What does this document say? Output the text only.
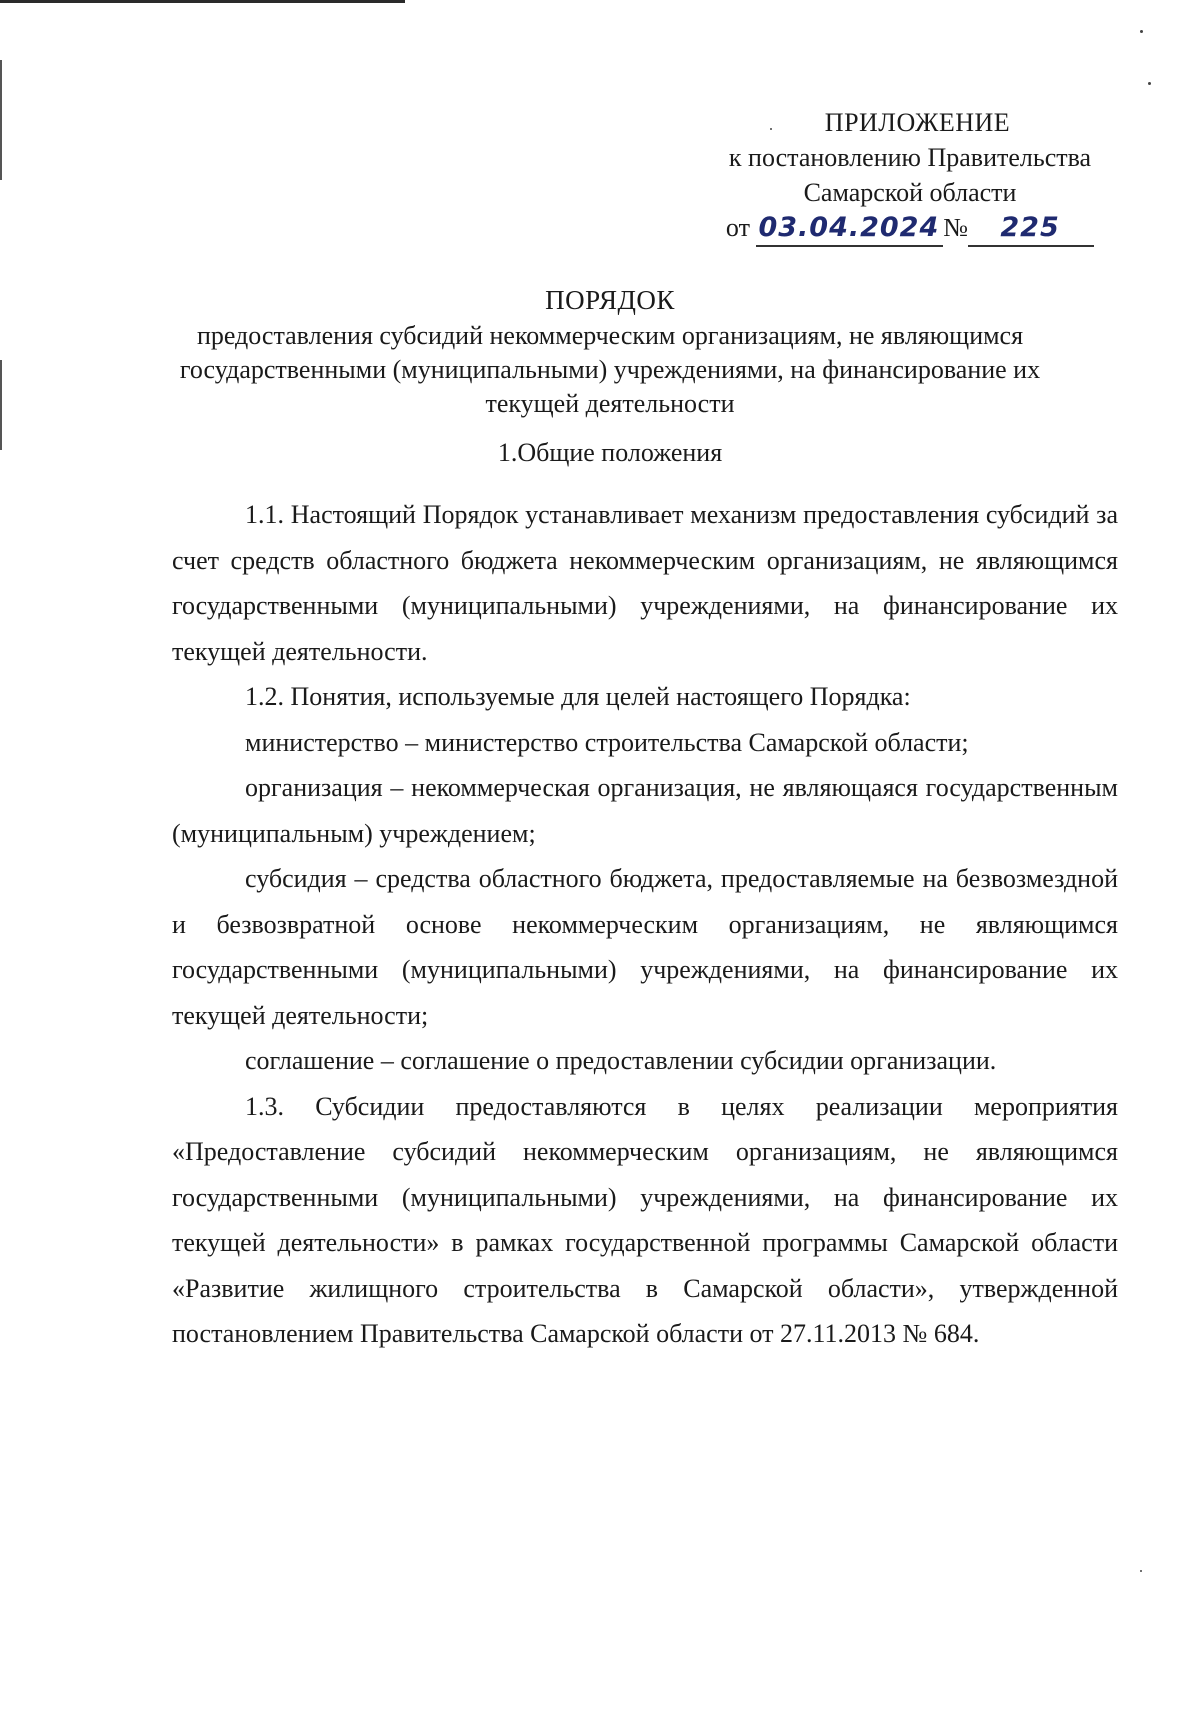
ПРИЛОЖЕНИЕ
к постановлению Правительства
Самарской области
от 03.04.2024 № 225
ПОРЯДОК
предоставления субсидий некоммерческим организациям, не являющимся государственными (муниципальными) учреждениями, на финансирование их текущей деятельности
1.Общие положения

1.1. Настоящий Порядок устанавливает механизм предоставления субсидий за счет средств областного бюджета некоммерческим организациям, не являющимся государственными (муниципальными) учреждениями, на финансирование их текущей деятельности.

1.2. Понятия, используемые для целей настоящего Порядка:

министерство – министерство строительства Самарской области;

организация – некоммерческая организация, не являющаяся государственным (муниципальным) учреждением;

субсидия – средства областного бюджета, предоставляемые на безвозмездной и безвозвратной основе некоммерческим организациям, не являющимся государственными (муниципальными) учреждениями, на финансирование их текущей деятельности;

соглашение – соглашение о предоставлении субсидии организации.

1.3. Субсидии предоставляются в целях реализации мероприятия «Предоставление субсидий некоммерческим организациям, не являющимся государственными (муниципальными) учреждениями, на финансирование их текущей деятельности» в рамках государственной программы Самарской области «Развитие жилищного строительства в Самарской области», утвержденной постановлением Правительства Самарской области от 27.11.2013 № 684.
